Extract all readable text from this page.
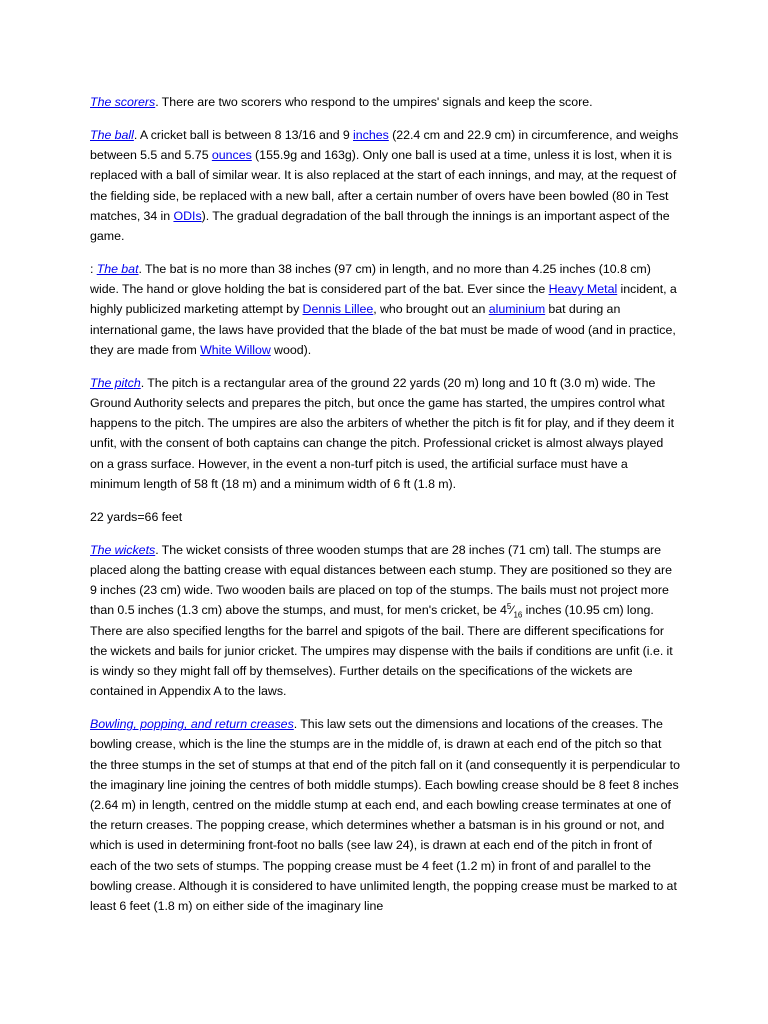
The scorers. There are two scorers who respond to the umpires' signals and keep the score.

The ball. A cricket ball is between 8 13/16 and 9 inches (22.4 cm and 22.9 cm) in circumference, and weighs between 5.5 and 5.75 ounces (155.9g and 163g). Only one ball is used at a time, unless it is lost, when it is replaced with a ball of similar wear. It is also replaced at the start of each innings, and may, at the request of the fielding side, be replaced with a new ball, after a certain number of overs have been bowled (80 in Test matches, 34 in ODIs). The gradual degradation of the ball through the innings is an important aspect of the game.

: The bat. The bat is no more than 38 inches (97 cm) in length, and no more than 4.25 inches (10.8 cm) wide. The hand or glove holding the bat is considered part of the bat. Ever since the Heavy Metal incident, a highly publicized marketing attempt by Dennis Lillee, who brought out an aluminium bat during an international game, the laws have provided that the blade of the bat must be made of wood (and in practice, they are made from White Willow wood).

The pitch. The pitch is a rectangular area of the ground 22 yards (20 m) long and 10 ft (3.0 m) wide. The Ground Authority selects and prepares the pitch, but once the game has started, the umpires control what happens to the pitch. The umpires are also the arbiters of whether the pitch is fit for play, and if they deem it unfit, with the consent of both captains can change the pitch. Professional cricket is almost always played on a grass surface. However, in the event a non-turf pitch is used, the artificial surface must have a minimum length of 58 ft (18 m) and a minimum width of 6 ft (1.8 m).

22 yards=66 feet

The wickets. The wicket consists of three wooden stumps that are 28 inches (71 cm) tall. The stumps are placed along the batting crease with equal distances between each stump. They are positioned so they are 9 inches (23 cm) wide. Two wooden bails are placed on top of the stumps. The bails must not project more than 0.5 inches (1.3 cm) above the stumps, and must, for men's cricket, be $4^5⁄_{16}$ inches (10.95 cm) long. There are also specified lengths for the barrel and spigots of the bail. There are different specifications for the wickets and bails for junior cricket. The umpires may dispense with the bails if conditions are unfit (i.e. it is windy so they might fall off by themselves). Further details on the specifications of the wickets are contained in Appendix A to the laws.

Bowling, popping, and return creases. This law sets out the dimensions and locations of the creases. The bowling crease, which is the line the stumps are in the middle of, is drawn at each end of the pitch so that the three stumps in the set of stumps at that end of the pitch fall on it (and consequently it is perpendicular to the imaginary line joining the centres of both middle stumps). Each bowling crease should be 8 feet 8 inches (2.64 m) in length, centred on the middle stump at each end, and each bowling crease terminates at one of the return creases. The popping crease, which determines whether a batsman is in his ground or not, and which is used in determining front-foot no balls (see law 24), is drawn at each end of the pitch in front of each of the two sets of stumps. The popping crease must be 4 feet (1.2 m) in front of and parallel to the bowling crease. Although it is considered to have unlimited length, the popping crease must be marked to at least 6 feet (1.8 m) on either side of the imaginary line
